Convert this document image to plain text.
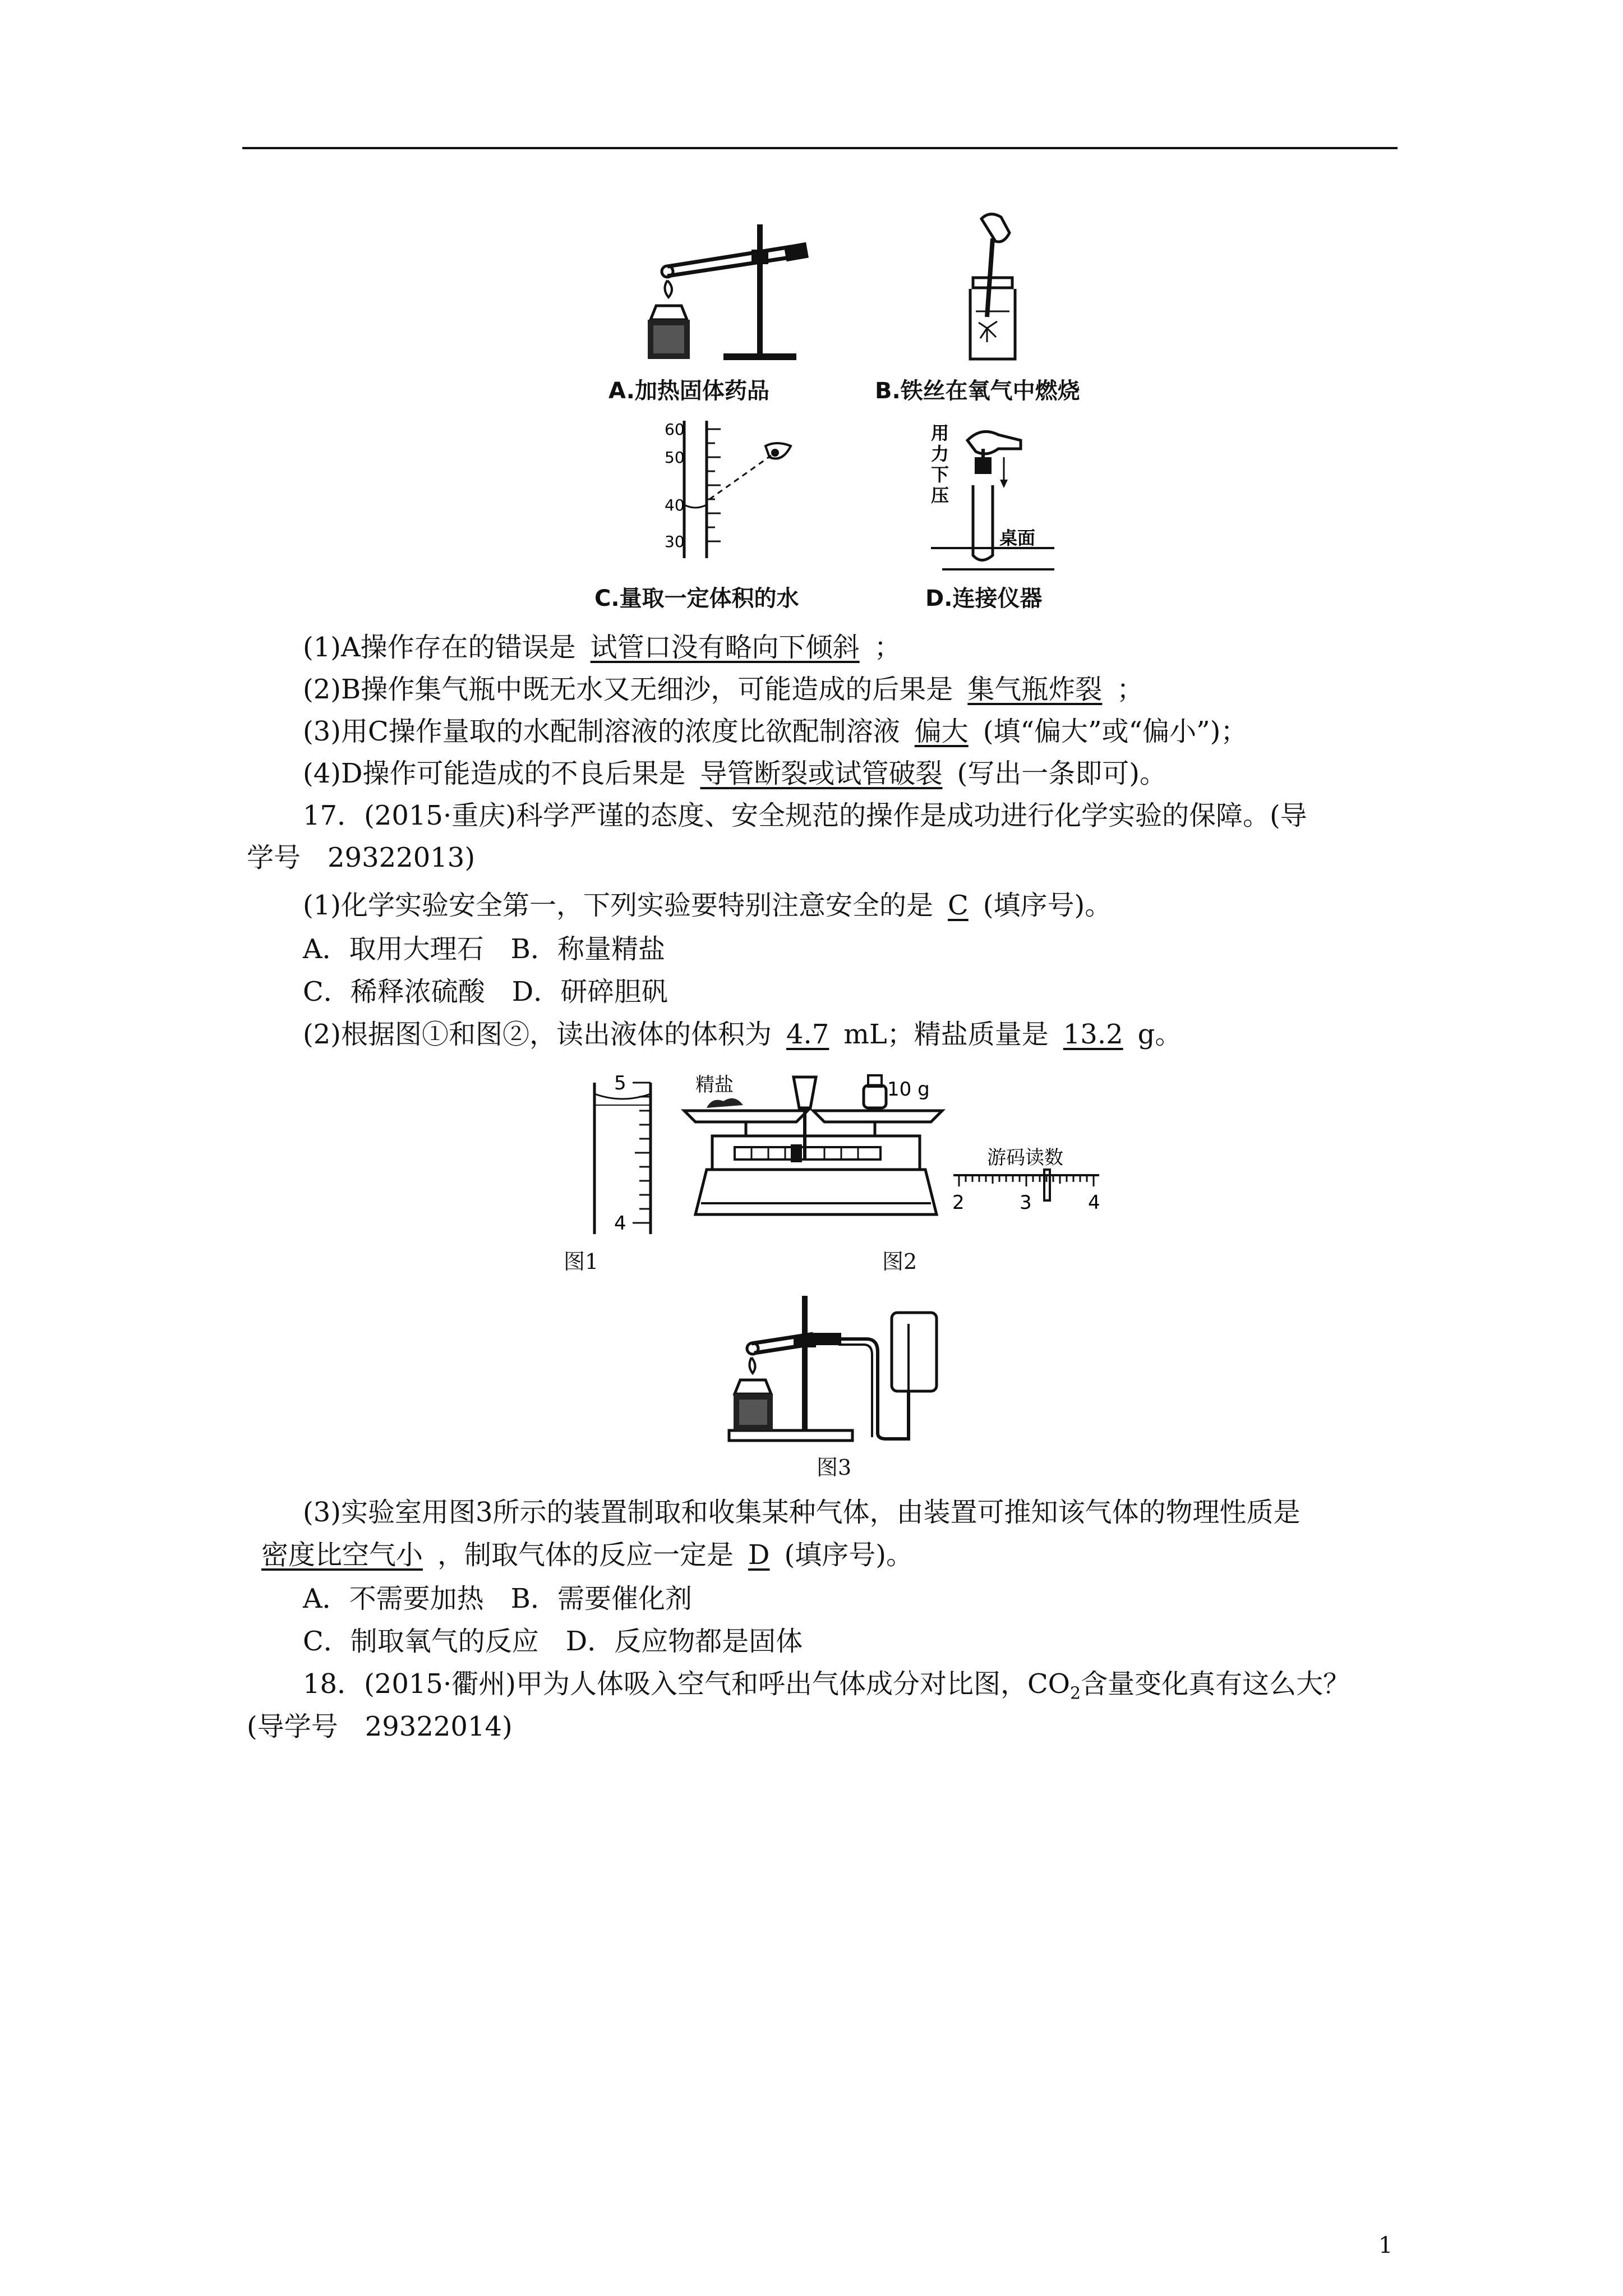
A.加热固体药品	B.铁丝在氧气中燃烧
60
50
40
30
C.量取一定体积的水
用
力
下
压
桌面
D.连接仪器
(1)A操作存在的错误是 试管口没有略向下倾斜 ；
(2)B操作集气瓶中既无水又无细沙，可能造成的后果是 集气瓶炸裂 ；
(3)用C操作量取的水配制溶液的浓度比欲配制溶液 偏大 (填“偏大”或“偏小”)；
(4)D操作可能造成的不良后果是 导管断裂或试管破裂 (写出一条即可)。
17．(2015·重庆)科学严谨的态度、安全规范的操作是成功进行化学实验的保障。(导
学号　29322013)
(1)化学实验安全第一，下列实验要特别注意安全的是 C (填序号)。
A．取用大理石　B．称量精盐
C．稀释浓硫酸　D．研碎胆矾
(2)根据图①和图②，读出液体的体积为 4.7 mL；精盐质量是 13.2 g。
5
4
图1
精盐	10 g
游码读数
2	3	4
图2
图3
(3)实验室用图3所示的装置制取和收集某种气体，由装置可推知该气体的物理性质是
密度比空气小 ，制取气体的反应一定是 D (填序号)。
A．不需要加热　B．需要催化剂
C．制取氧气的反应　D．反应物都是固体
18．(2015·衢州)甲为人体吸入空气和呼出气体成分对比图，$CO_2$含量变化真有这么大？
(导学号　29322014)
1
